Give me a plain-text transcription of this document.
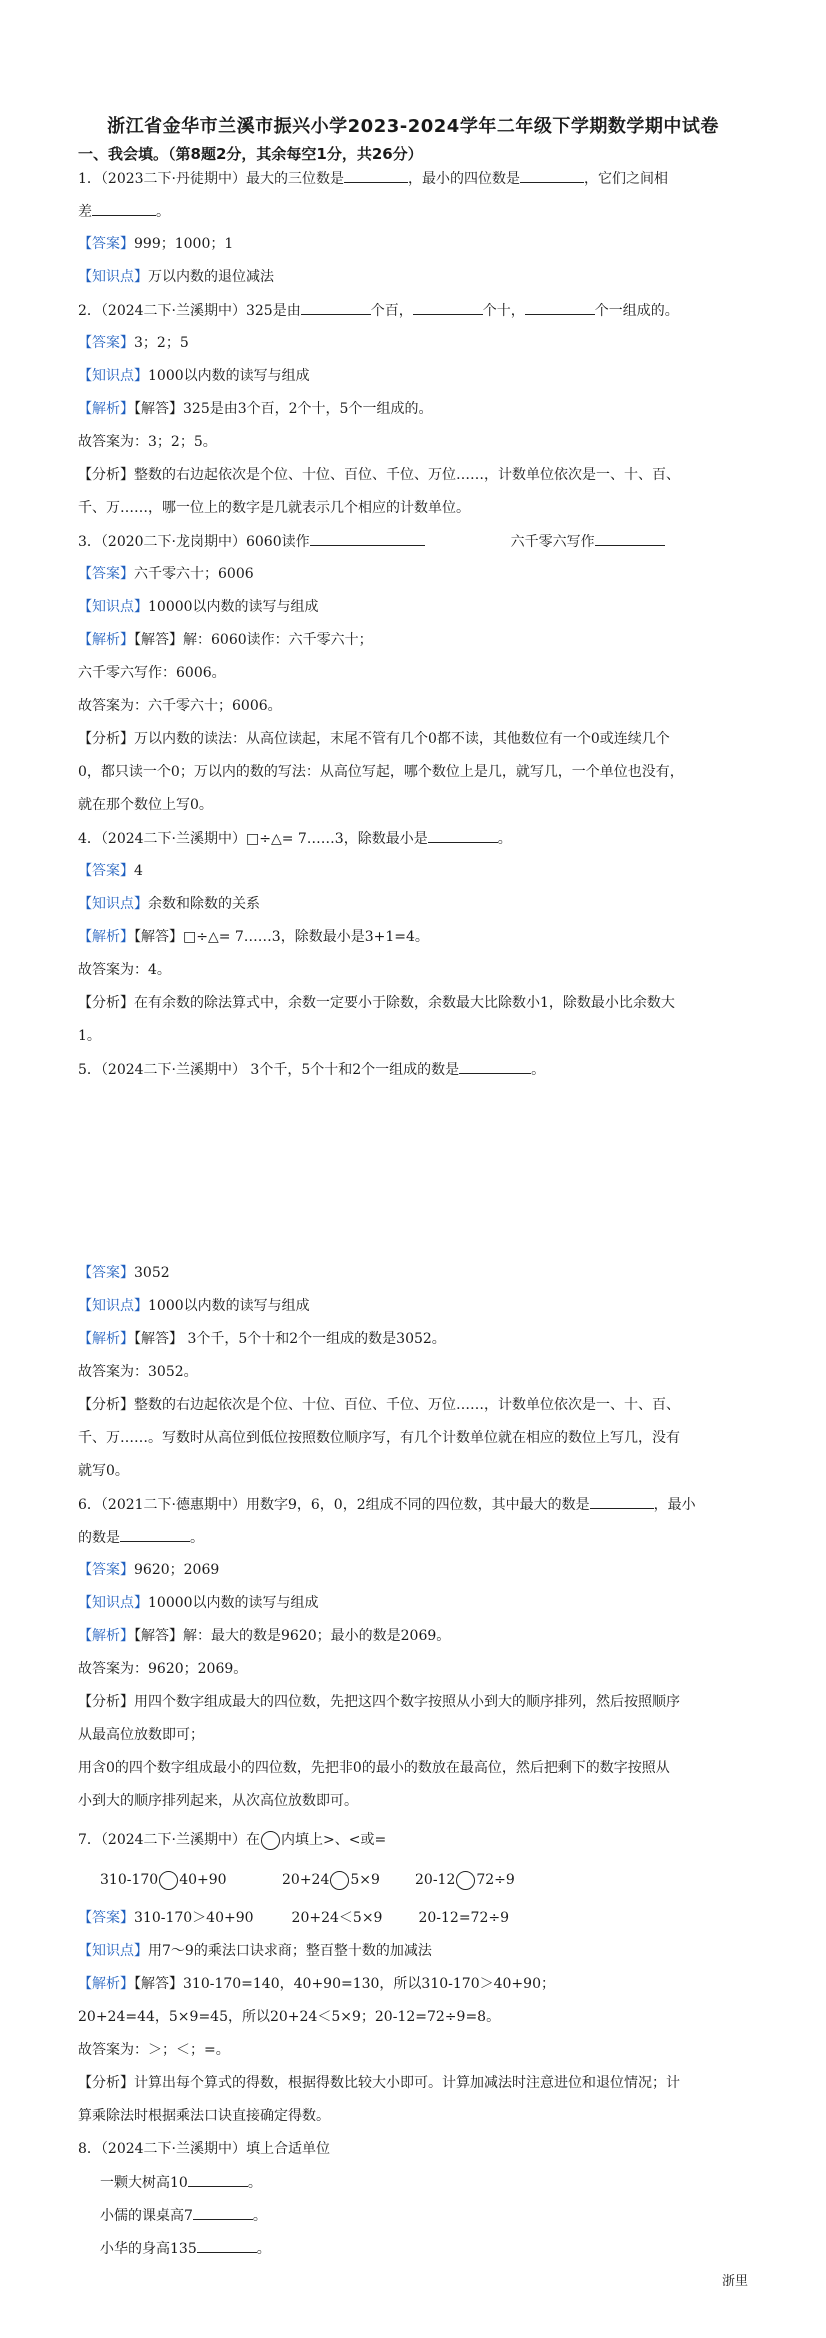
浙江省金华市兰溪市振兴小学2023-2024学年二年级下学期数学期中试卷
一、我会填。（第8题2分，其余每空1分，共26分）
1．（2023二下·丹徒期中）最大的三位数是	，最小的四位数是	，它们之间相
差	。
【答案】999；1000；1
【知识点】万以内数的退位减法
2．（2024二下·兰溪期中）325是由	个百，	个十，	个一组成的。
【答案】3；2；5
【知识点】1000以内数的读写与组成
【解析】【解答】325是由3个百，2个十，5个一组成的。
故答案为：3；2；5。
【分析】整数的右边起依次是个位、十位、百位、千位、万位……，计数单位依次是一、十、百、
千、万……，哪一位上的数字是几就表示几个相应的计数单位。
3．（2020二下·龙岗期中）6060读作	六千零六写作
【答案】六千零六十；6006
【知识点】10000以内数的读写与组成
【解析】【解答】解：6060读作：六千零六十；
六千零六写作：6006。
故答案为：六千零六十；6006。
【分析】万以内数的读法：从高位读起，末尾不管有几个0都不读，其他数位有一个0或连续几个
0，都只读一个0；万以内的数的写法：从高位写起，哪个数位上是几，就写几，一个单位也没有，
就在那个数位上写0。
4．（2024二下·兰溪期中）□÷△= 7……3，除数最小是	。
【答案】4
【知识点】余数和除数的关系
【解析】【解答】□÷△= 7……3，除数最小是3+1=4。
故答案为：4。
【分析】在有余数的除法算式中，余数一定要小于除数，余数最大比除数小1，除数最小比余数大
1。
5．（2024二下·兰溪期中） 3个千，5个十和2个一组成的数是	。
【答案】3052
【知识点】1000以内数的读写与组成
【解析】【解答】 3个千，5个十和2个一组成的数是3052。
故答案为：3052。
【分析】整数的右边起依次是个位、十位、百位、千位、万位……，计数单位依次是一、十、百、
千、万……。写数时从高位到低位按照数位顺序写，有几个计数单位就在相应的数位上写几，没有
就写0。
6．（2021二下·德惠期中）用数字9，6，0，2组成不同的四位数，其中最大的数是	，最小
的数是	。
【答案】9620；2069
【知识点】10000以内数的读写与组成
【解析】【解答】解：最大的数是9620；最小的数是2069。
故答案为：9620；2069。
【分析】用四个数字组成最大的四位数，先把这四个数字按照从小到大的顺序排列，然后按照顺序
从最高位放数即可；
用含0的四个数字组成最小的四位数，先把非0的最小的数放在最高位，然后把剩下的数字按照从
小到大的顺序排列起来，从次高位放数即可。
7．（2024二下·兰溪期中）在 内填上>、<或=
310-170 40+90	20+24 5×9	20-12 72÷9
【答案】310-170＞40+90	20+24＜5×9	20-12=72÷9
【知识点】用7～9的乘法口诀求商；整百整十数的加减法
【解析】【解答】310-170=140，40+90=130，所以310-170＞40+90；
20+24=44，5×9=45，所以20+24＜5×9；20-12=72÷9=8。
故答案为：＞；＜；=。
【分析】计算出每个算式的得数，根据得数比较大小即可。计算加减法时注意进位和退位情况；计
算乘除法时根据乘法口诀直接确定得数。
8．（2024二下·兰溪期中）填上合适单位
一颗大树高10	。
小儒的课桌高7	。
小华的身高135	。
浙里
